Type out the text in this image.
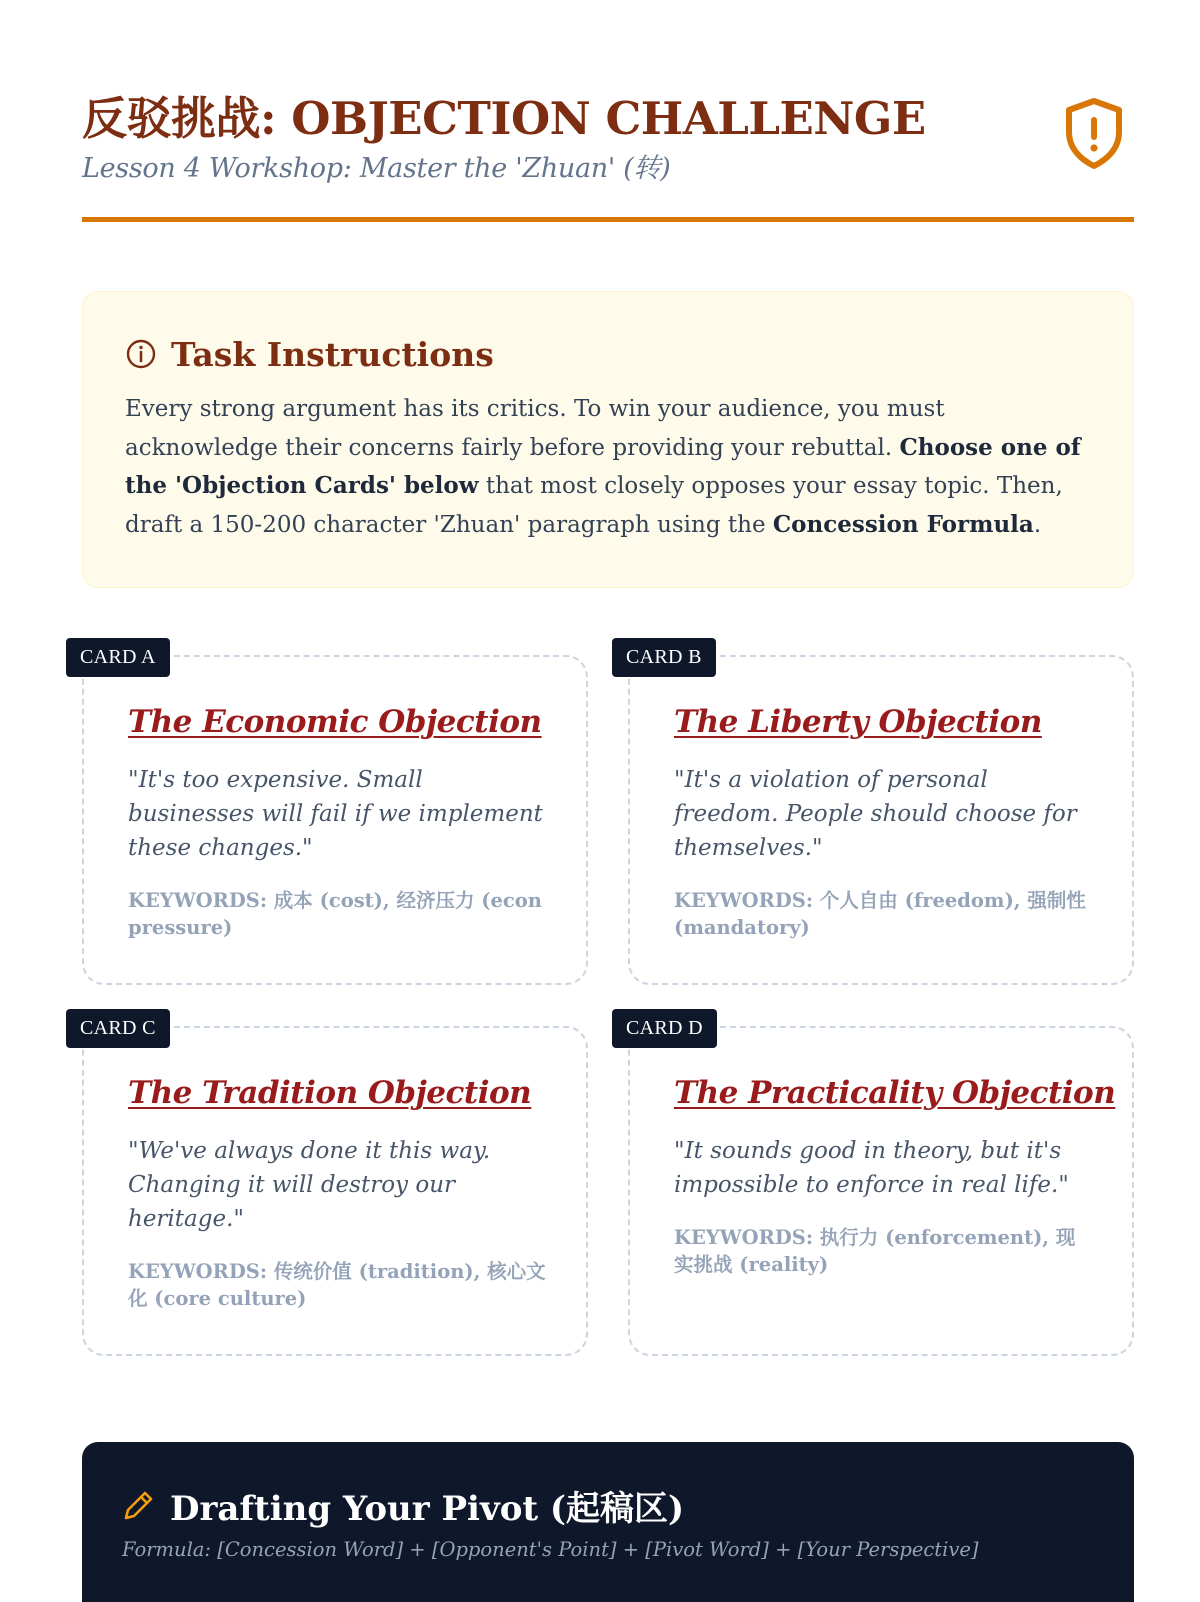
反驳挑战: OBJECTION CHALLENGE

Lesson 4 Workshop: Master the 'Zhuan' (转)

Task Instructions

Every strong argument has its critics. To win your audience, you must acknowledge their concerns fairly before providing your rebuttal. Choose one of the 'Objection Cards' below that most closely opposes your essay topic. Then, draft a 150-200 character 'Zhuan' paragraph using the Concession Formula.

CARD A
The Economic Objection

"It's too expensive. Small businesses will fail if we implement these changes."

KEYWORDS: 成本 (cost), 经济压力 (econ pressure)

CARD B
The Liberty Objection

"It's a violation of personal freedom. People should choose for themselves."

KEYWORDS: 个人自由 (freedom), 强制性 (mandatory)

CARD C
The Tradition Objection

"We've always done it this way. Changing it will destroy our heritage."

KEYWORDS: 传统价值 (tradition), 核心文化 (core culture)

CARD D
The Practicality Objection

"It sounds good in theory, but it's impossible to enforce in real life."

KEYWORDS: 执行力 (enforcement), 现实挑战 (reality)

Drafting Your Pivot (起稿区)

Formula: [Concession Word] + [Opponent's Point] + [Pivot Word] + [Your Perspective]
